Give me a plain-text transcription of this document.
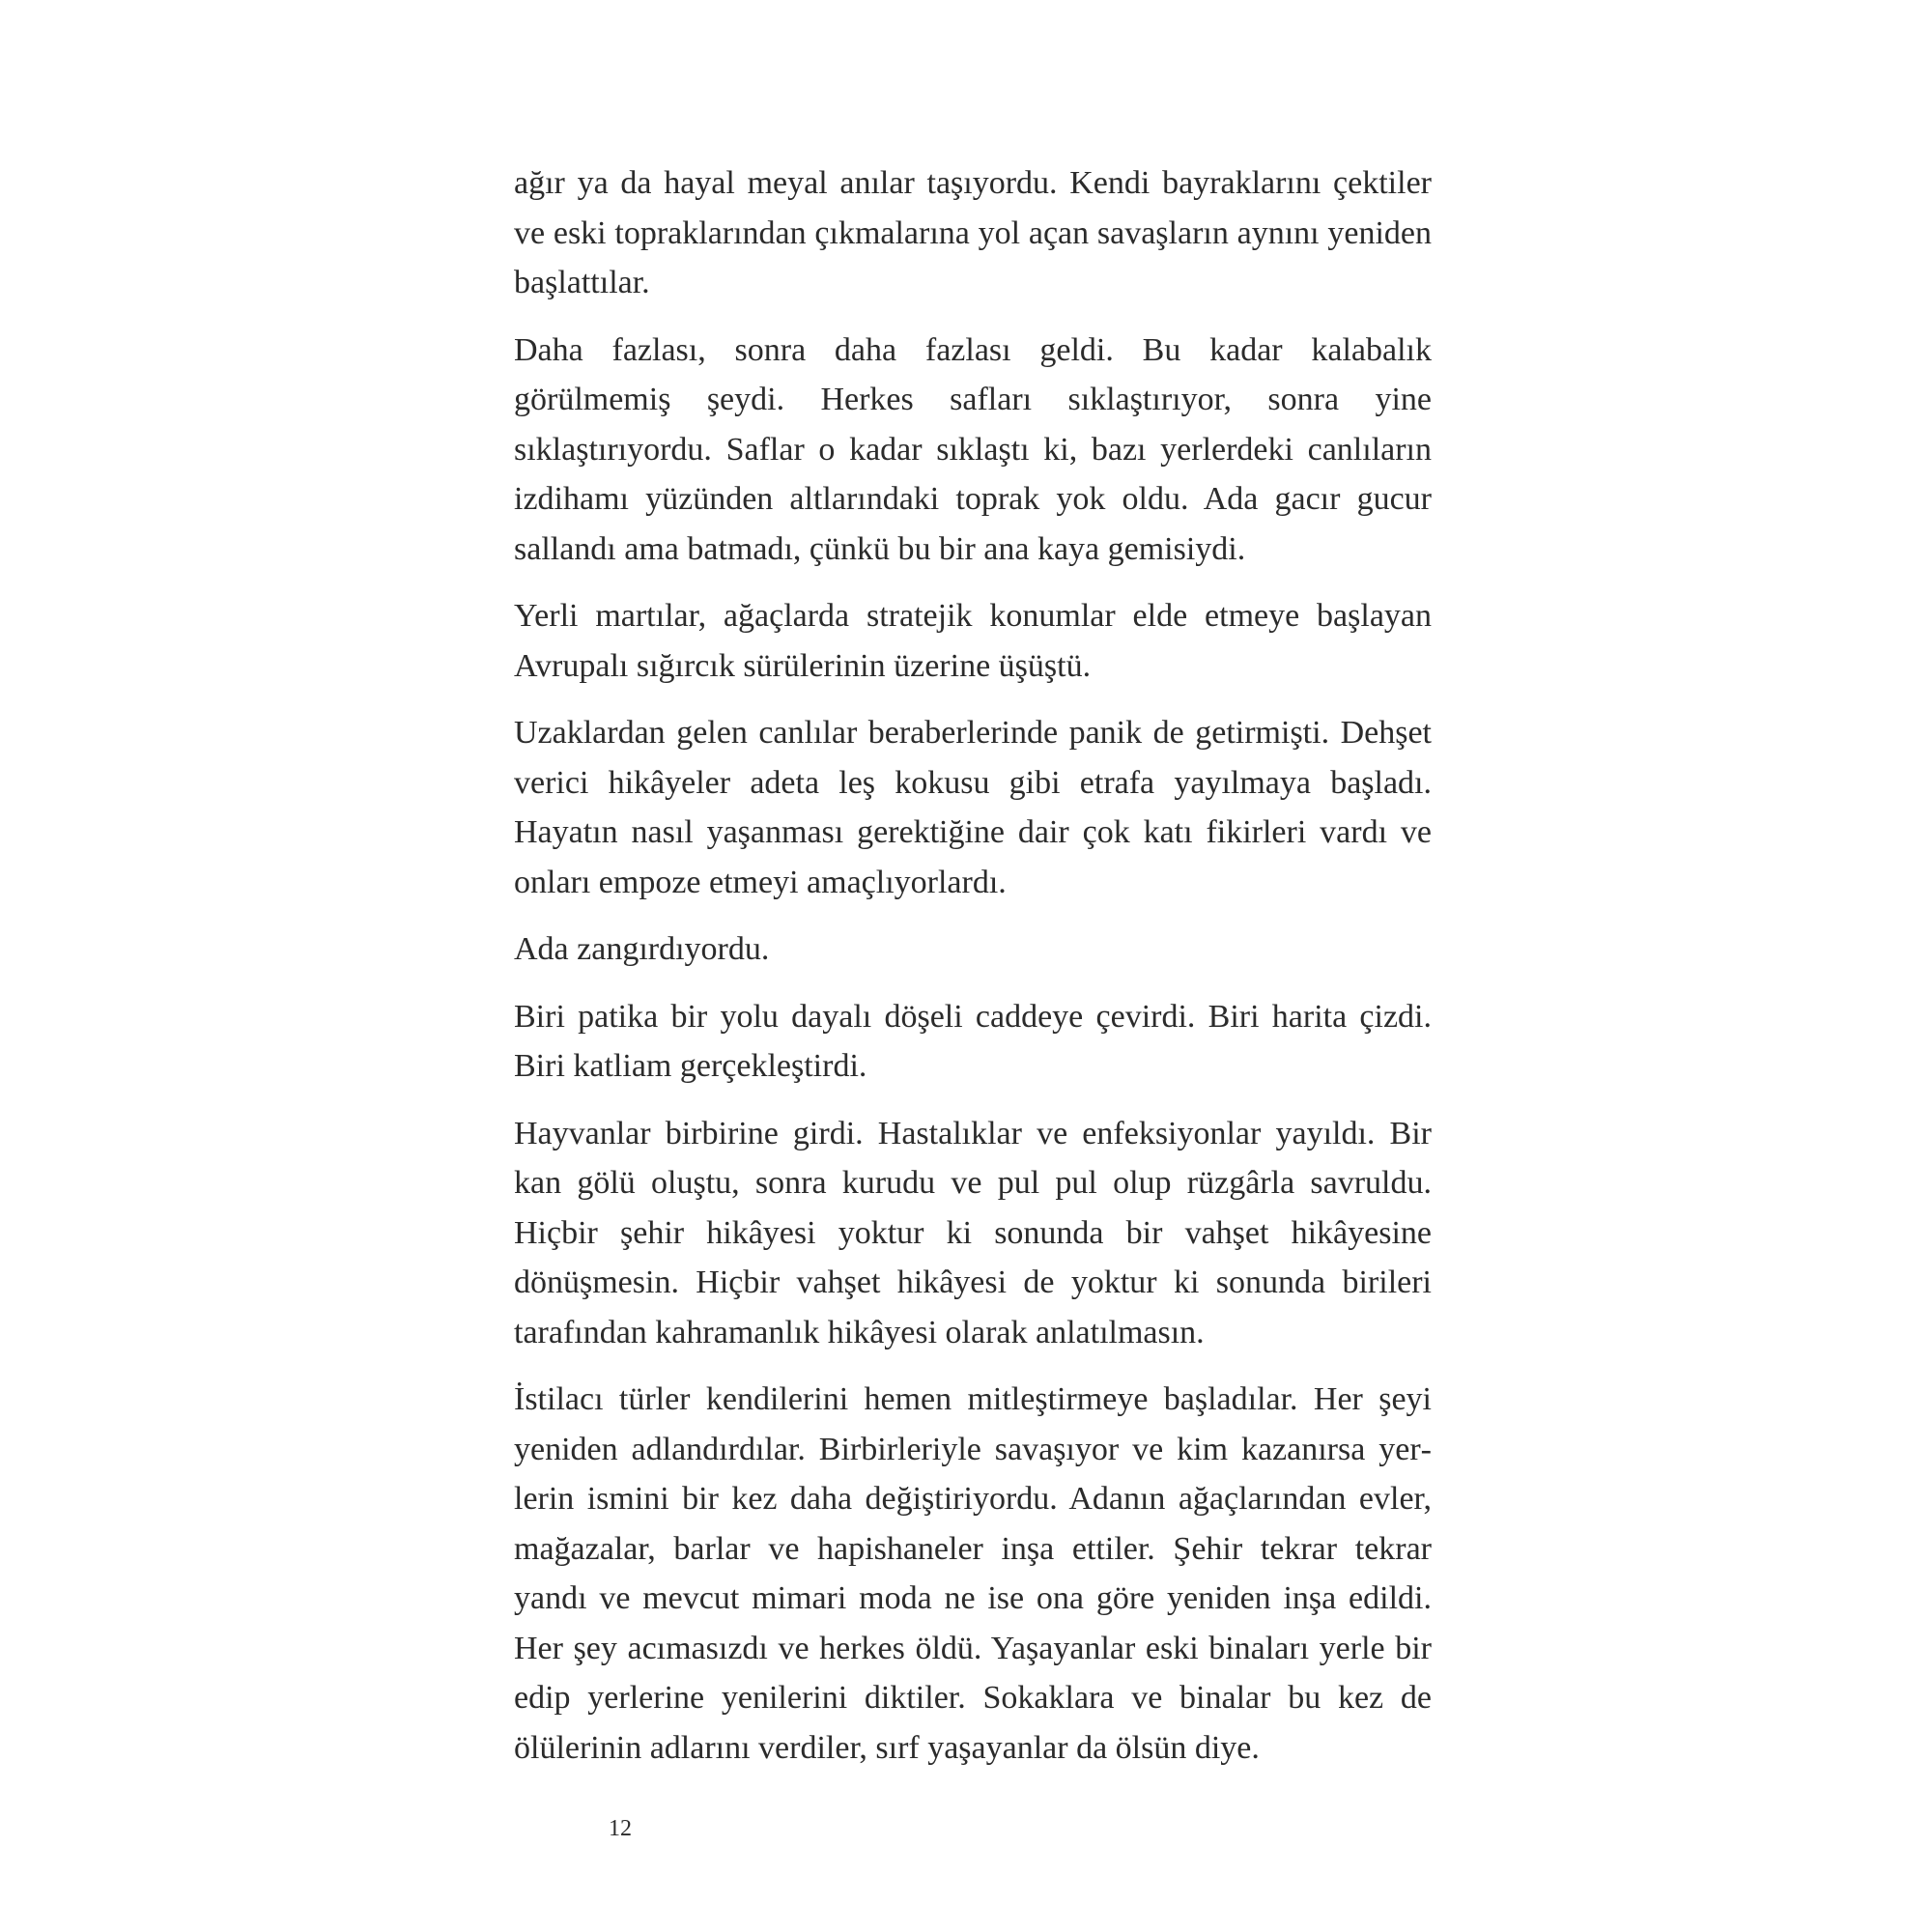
ağır ya da hayal meyal anılar taşıyordu. Kendi bayraklarını çektiler ve eski topraklarından çıkmalarına yol açan savaşların aynını yeniden başlattılar.

Daha fazlası, sonra daha fazlası geldi. Bu kadar kalabalık görülmemiş şeydi. Herkes safları sıklaştırıyor, sonra yine sıklaştırıyordu. Saflar o kadar sıklaştı ki, bazı yerlerdeki canlıların izdihamı yüzünden altlarındaki toprak yok oldu. Ada gacır gucur sallandı ama batmadı, çünkü bu bir ana kaya gemisiydi.

Yerli martılar, ağaçlarda stratejik konumlar elde etmeye başlayan Avrupalı sığırcık sürülerinin üzerine üşüştü.

Uzaklardan gelen canlılar beraberlerinde panik de getirmişti. Dehşet verici hikâyeler adeta leş kokusu gibi etrafa yayılmaya başladı. Hayatın nasıl yaşanması gerektiğine dair çok katı fikirleri vardı ve onları empoze etmeyi amaçlıyorlardı.

Ada zangırdıyordu.

Biri patika bir yolu dayalı döşeli caddeye çevirdi. Biri harita çizdi. Biri katliam gerçekleştirdi.

Hayvanlar birbirine girdi. Hastalıklar ve enfeksiyonlar yayıldı. Bir kan gölü oluştu, sonra kurudu ve pul pul olup rüzgârla savruldu. Hiçbir şehir hikâyesi yoktur ki sonunda bir vahşet hikâyesine dönüşmesin. Hiçbir vahşet hikâyesi de yoktur ki sonunda birileri tarafından kahramanlık hikâyesi olarak anlatılmasın.

İstilacı türler kendilerini hemen mitleştirmeye başladılar. Her şeyi yeniden adlandırdılar. Birbirleriyle savaşıyor ve kim kazanırsa yerlerin ismini bir kez daha değiştiriyordu. Adanın ağaçlarından evler, mağazalar, barlar ve hapishaneler inşa ettiler. Şehir tekrar tekrar yandı ve mevcut mimari moda ne ise ona göre yeniden inşa edildi. Her şey acımasızdı ve herkes öldü. Yaşayanlar eski binaları yerle bir edip yerlerine yenilerini diktiler. Sokaklara ve binalar bu kez de ölülerinin adlarını verdiler, sırf yaşayanlar da ölsün diye.

12
